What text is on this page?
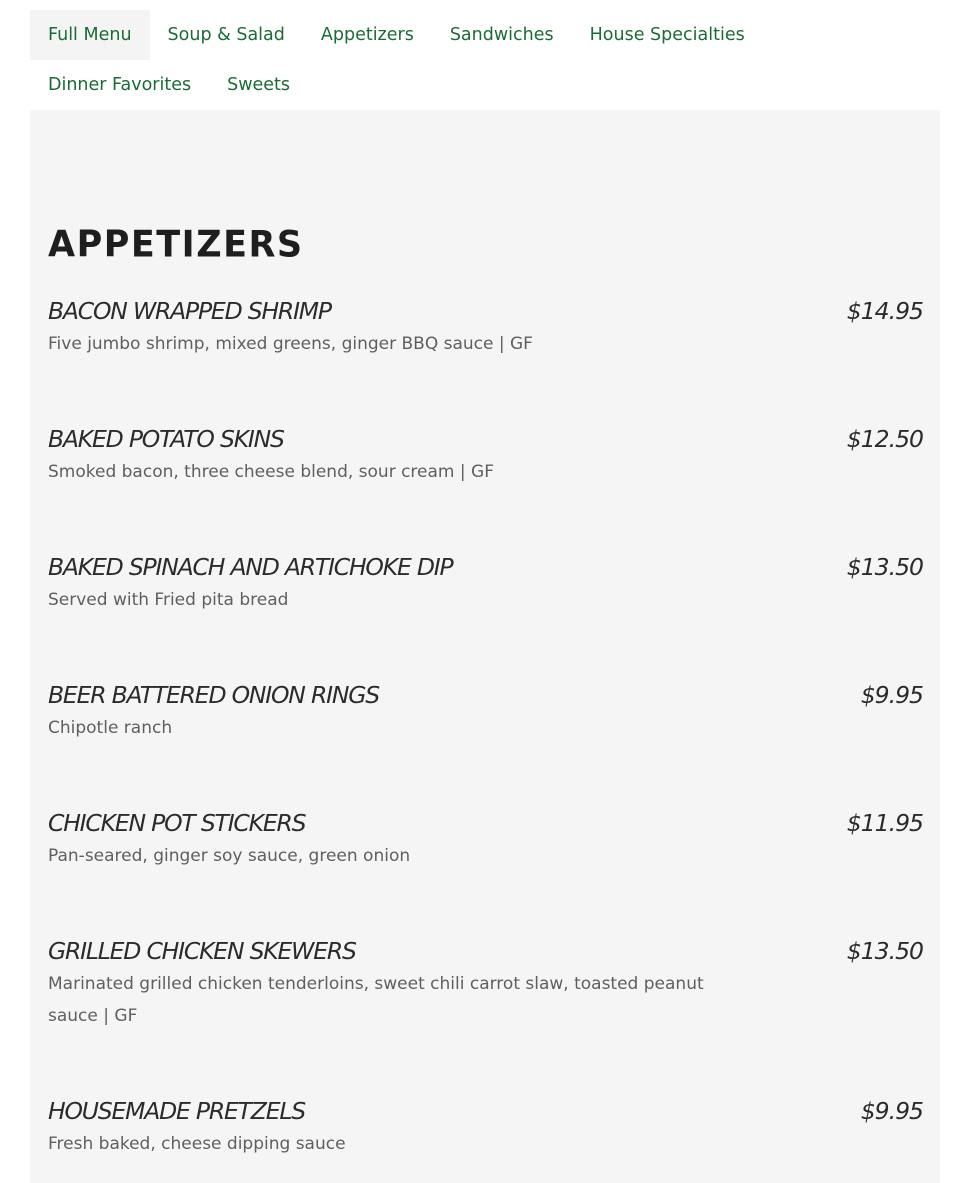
Full Menu	Soup & Salad	Appetizers	Sandwiches	House Specialties
Dinner Favorites	Sweets
APPETIZERS
BACON WRAPPED SHRIMP	$14.95
Five jumbo shrimp, mixed greens, ginger BBQ sauce | GF
BAKED POTATO SKINS	$12.50
Smoked bacon, three cheese blend, sour cream | GF
BAKED SPINACH AND ARTICHOKE DIP	$13.50
Served with Fried pita bread
BEER BATTERED ONION RINGS	$9.95
Chipotle ranch
CHICKEN POT STICKERS	$11.95
Pan-seared, ginger soy sauce, green onion
GRILLED CHICKEN SKEWERS	$13.50
Marinated grilled chicken tenderloins, sweet chili carrot slaw, toasted peanut sauce | GF
HOUSEMADE PRETZELS	$9.95
Fresh baked, cheese dipping sauce
